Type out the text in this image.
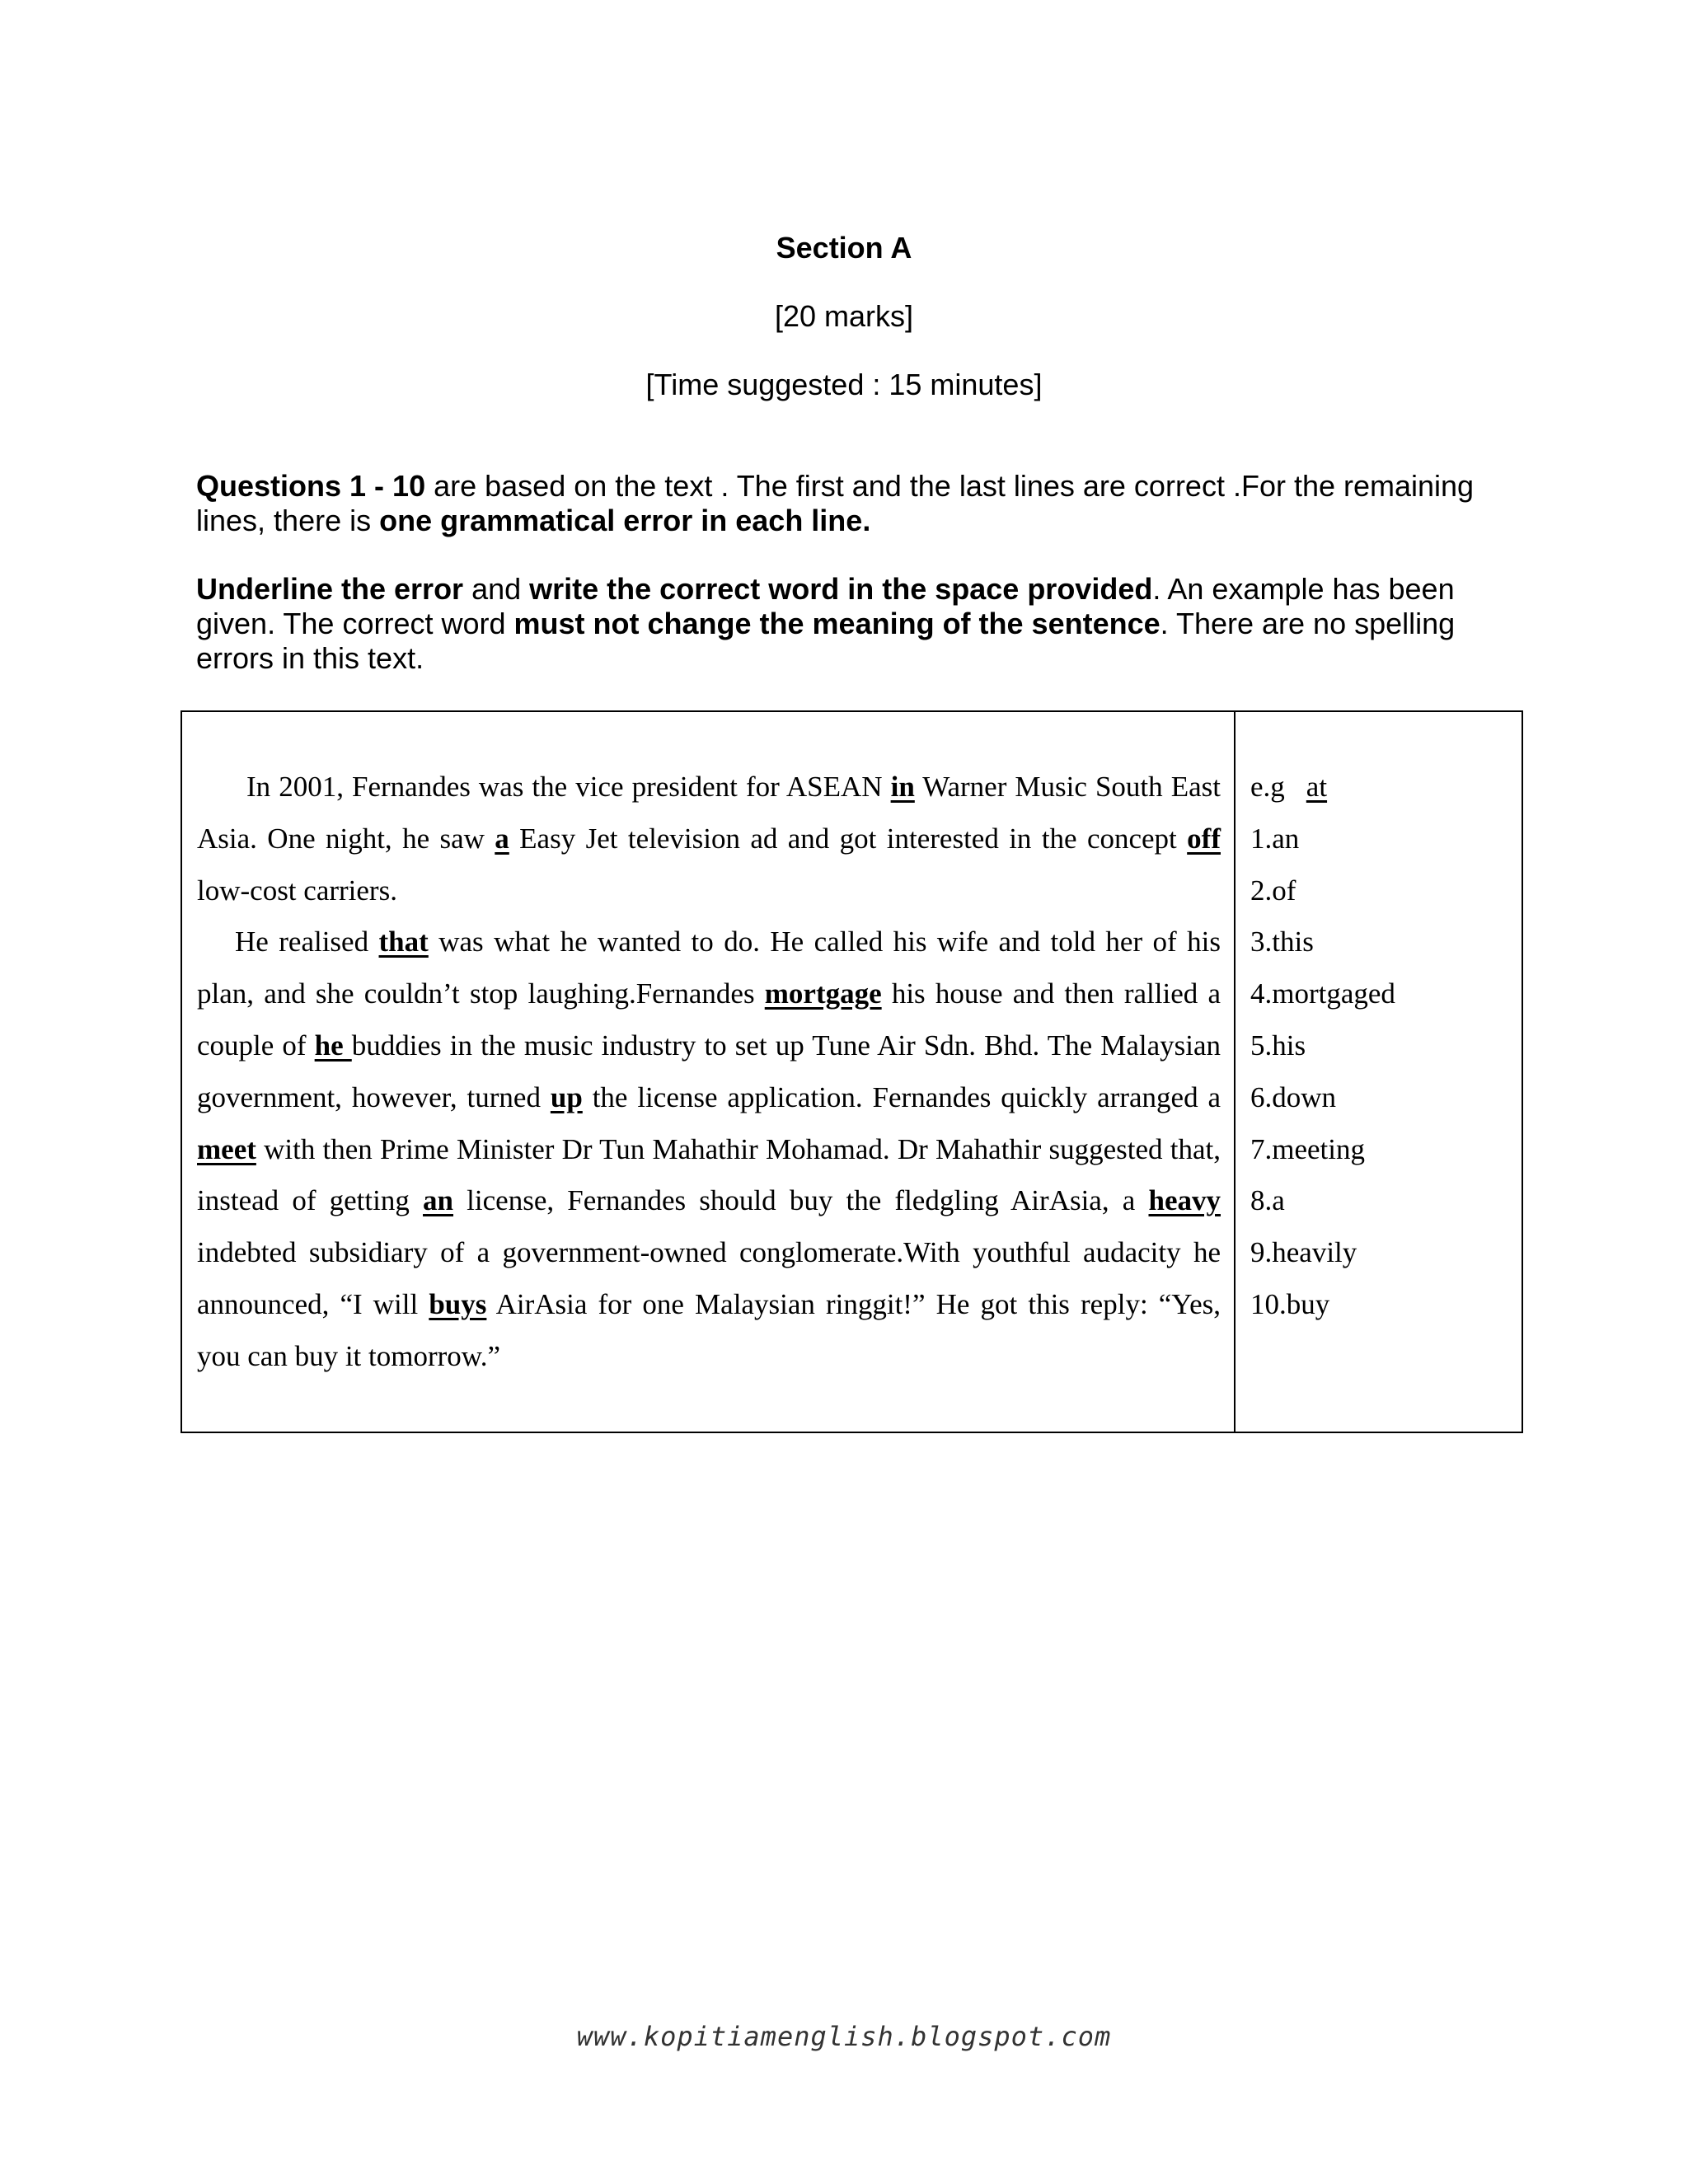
Section A
[20 marks]
[Time suggested : 15 minutes]
Questions 1 - 10 are based on the text . The first and the last lines are correct .For the remaining lines, there is one grammatical error in each line.
Underline the error and write the correct word in the space provided. An example has been given. The correct word must not change the meaning of the sentence. There are no spelling errors in this text.

In 2001, Fernandes was the vice president for ASEAN in Warner Music South East Asia. One night, he saw a Easy Jet television ad and got interested in the concept off low-cost carriers.

He realised that was what he wanted to do. He called his wife and told her of his plan, and she couldn’t stop laughing.Fernandes mortgage his house and then rallied a couple of he buddies in the music industry to set up Tune Air Sdn. Bhd. The Malaysian government, however, turned up the license application. Fernandes quickly arranged a meet with then Prime Minister Dr Tun Mahathir Mohamad. Dr Mahathir suggested that, instead of getting an license, Fernandes should buy the fledgling AirAsia, a heavy indebted subsidiary of a government-owned conglomerate.With youthful audacity he announced, “I will buys AirAsia for one Malaysian ringgit!” He got this reply: “Yes, you can buy it tomorrow.”

e.g at
1.an
2.of
3.this
4.mortgaged
5.his
6.down
7.meeting
8.a
9.heavily
10.buy
www.kopitiamenglish.blogspot.com
